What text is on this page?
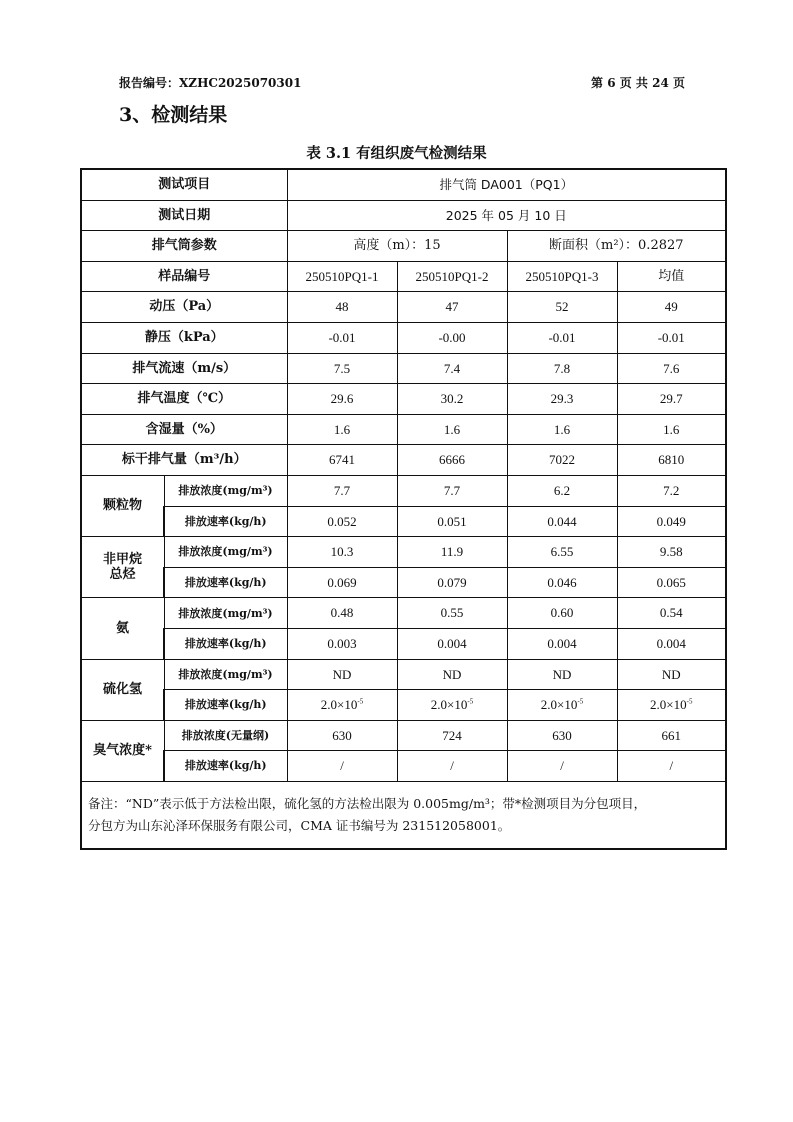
报告编号：XZHC2025070301	第 6 页 共 24 页
3、检测结果
表 3.1 有组织废气检测结果
测试项目		排气筒 DA001（PQ1）			
测试日期		2025 年 05 月 10 日			
排气筒参数		高度（m）：15		断面积（m²）：0.2827	
样品编号		250510PQ1-1	250510PQ1-2	250510PQ1-3	均值
动压（Pa）		48	47	52	49
静压（kPa）		-0.01	-0.00	-0.01	-0.01
排气流速（m/s）		7.5	7.4	7.8	7.6
排气温度（℃）		29.6	30.2	29.3	29.7
含湿量（%）		1.6	1.6	1.6	1.6
标干排气量（m³/h）		6741	6666	7022	6810
颗粒物	排放浓度(mg/m³)	7.7	7.7	6.2	7.2
	排放速率(kg/h)	0.052	0.051	0.044	0.049
非甲烷
总烃	排放浓度(mg/m³)	10.3	11.9	6.55	9.58
	排放速率(kg/h)	0.069	0.079	0.046	0.065
氨	排放浓度(mg/m³)	0.48	0.55	0.60	0.54
	排放速率(kg/h)	0.003	0.004	0.004	0.004
硫化氢	排放浓度(mg/m³)	ND	ND	ND	ND
	排放速率(kg/h)	$2.0\times 10^{-5}$	$2.0\times 10^{-5}$	$2.0\times 10^{-5}$	$2.0\times 10^{-5}$
臭气浓度*	排放浓度(无量纲)	630	724	630	661
	排放速率(kg/h)	/	/	/	/
备注：“ND”表示低于方法检出限，硫化氢的方法检出限为 0.005mg/m³；带*检测项目为分包项目，
分包方为山东沁泽环保服务有限公司，CMA 证书编号为 231512058001。					
